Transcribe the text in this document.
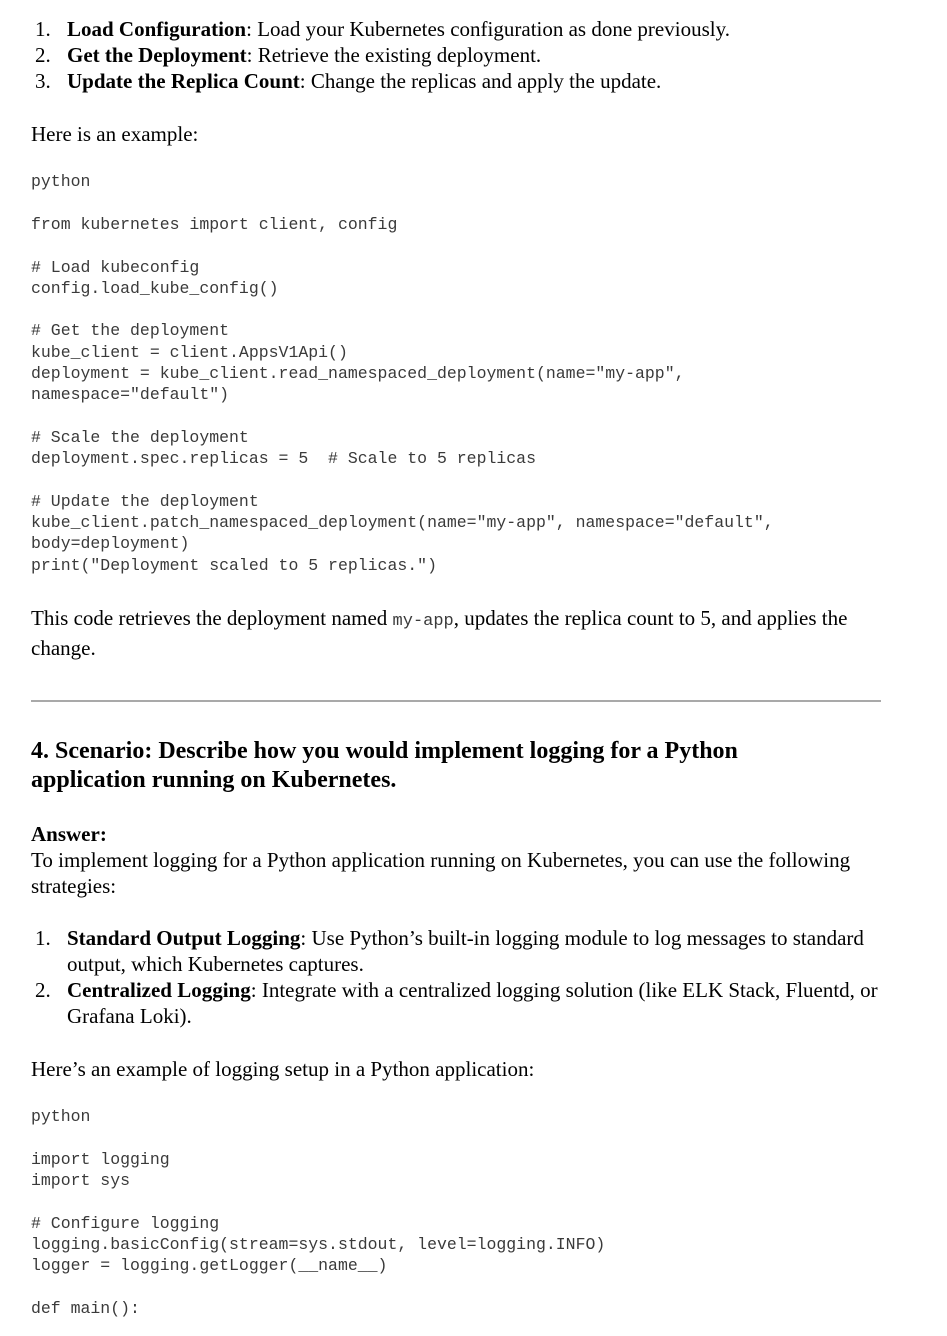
1. Load Configuration: Load your Kubernetes configuration as done previously.
2. Get the Deployment: Retrieve the existing deployment.
3. Update the Replica Count: Change the replicas and apply the update.
Here is an example:
python
from kubernetes import client, config

# Load kubeconfig
config.load_kube_config()

# Get the deployment
kube_client = client.AppsV1Api()
deployment = kube_client.read_namespaced_deployment(name="my-app",
namespace="default")

# Scale the deployment
deployment.spec.replicas = 5  # Scale to 5 replicas

# Update the deployment
kube_client.patch_namespaced_deployment(name="my-app", namespace="default",
body=deployment)
print("Deployment scaled to 5 replicas.")
This code retrieves the deployment named my-app, updates the replica count to 5, and applies the change.
4. Scenario: Describe how you would implement logging for a Python application running on Kubernetes.
Answer:
To implement logging for a Python application running on Kubernetes, you can use the following strategies:
1. Standard Output Logging: Use Python’s built-in logging module to log messages to standard output, which Kubernetes captures.
2. Centralized Logging: Integrate with a centralized logging solution (like ELK Stack, Fluentd, or Grafana Loki).
Here’s an example of logging setup in a Python application:
python
import logging
import sys

# Configure logging
logging.basicConfig(stream=sys.stdout, level=logging.INFO)
logger = logging.getLogger(__name__)

def main():
